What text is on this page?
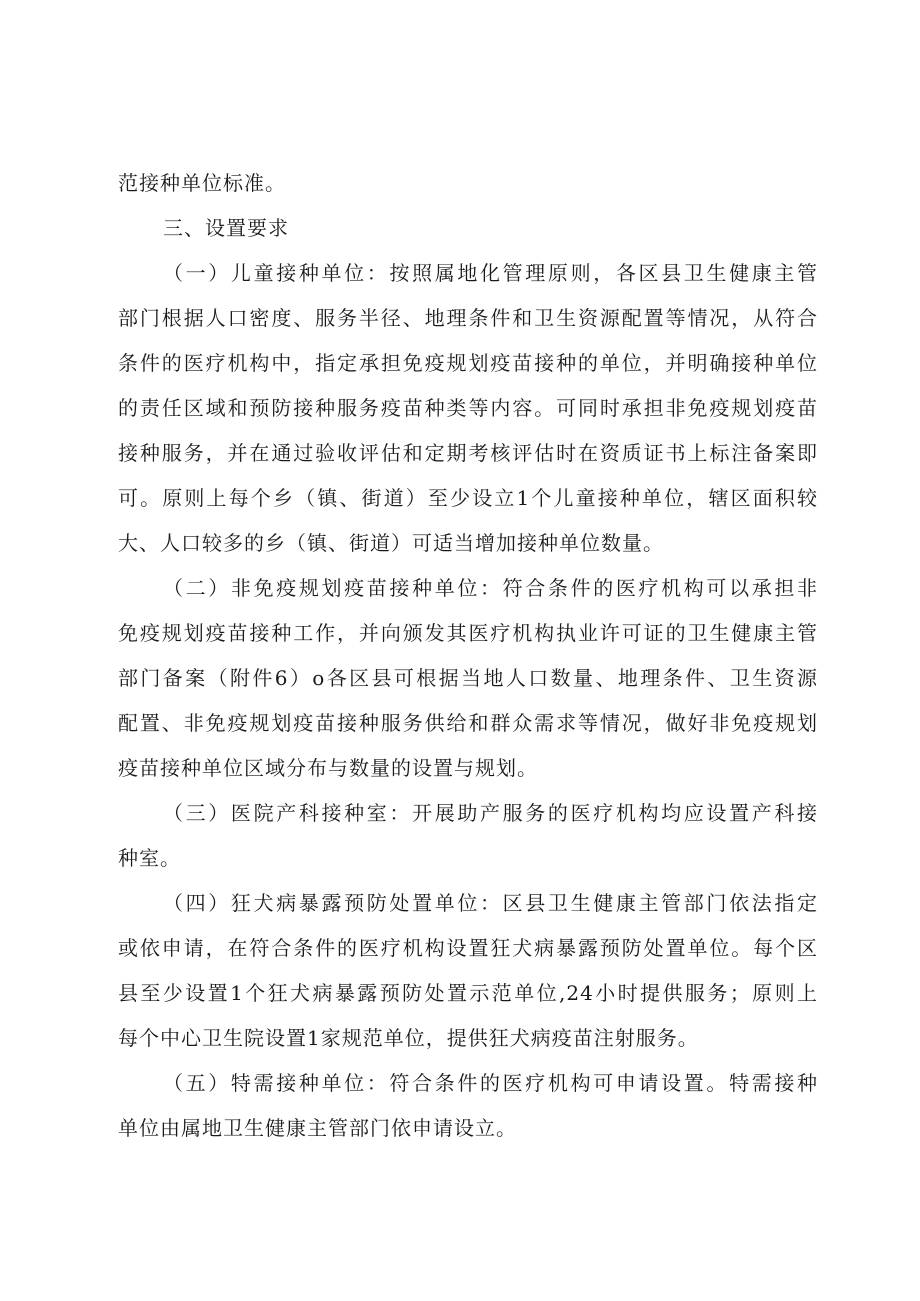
范接种单位标准。
三、设置要求
（一）儿童接种单位：按照属地化管理原则，各区县卫生健康主管
部门根据人口密度、服务半径、地理条件和卫生资源配置等情况，从符合
条件的医疗机构中，指定承担免疫规划疫苗接种的单位，并明确接种单位
的责任区域和预防接种服务疫苗种类等内容。可同时承担非免疫规划疫苗
接种服务，并在通过验收评估和定期考核评估时在资质证书上标注备案即
可。原则上每个乡（镇、街道）至少设立1个儿童接种单位，辖区面积较
大、人口较多的乡（镇、街道）可适当增加接种单位数量。
（二）非免疫规划疫苗接种单位：符合条件的医疗机构可以承担非
免疫规划疫苗接种工作，并向颁发其医疗机构执业许可证的卫生健康主管
部门备案（附件6）o各区县可根据当地人口数量、地理条件、卫生资源
配置、非免疫规划疫苗接种服务供给和群众需求等情况，做好非免疫规划
疫苗接种单位区域分布与数量的设置与规划。
（三）医院产科接种室：开展助产服务的医疗机构均应设置产科接
种室。
（四）狂犬病暴露预防处置单位：区县卫生健康主管部门依法指定
或依申请，在符合条件的医疗机构设置狂犬病暴露预防处置单位。每个区
县至少设置1个狂犬病暴露预防处置示范单位,24小时提供服务；原则上
每个中心卫生院设置1家规范单位，提供狂犬病疫苗注射服务。
（五）特需接种单位：符合条件的医疗机构可申请设置。特需接种
单位由属地卫生健康主管部门依申请设立。
